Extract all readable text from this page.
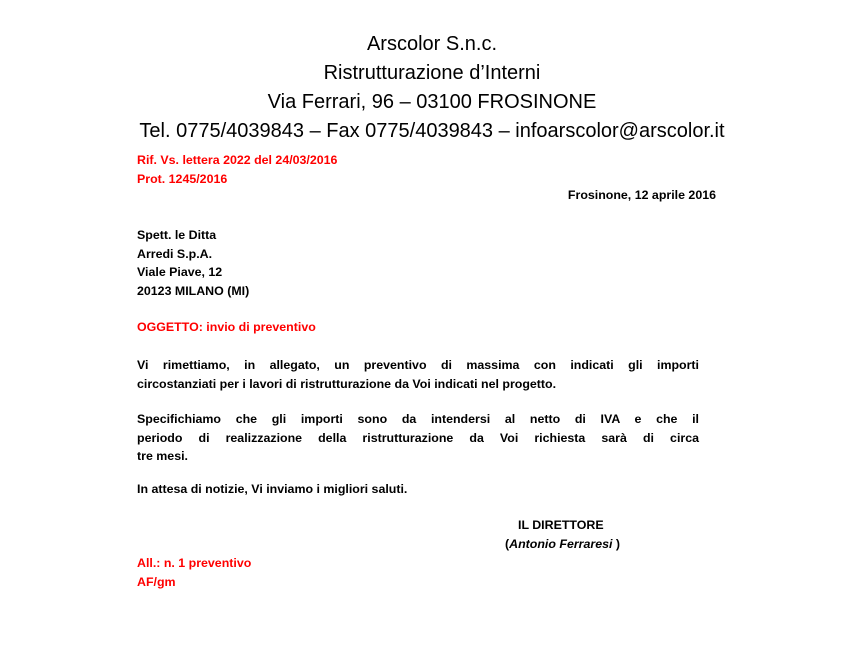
Arscolor S.n.c.
Ristrutturazione d’Interni
Via Ferrari, 96 – 03100 FROSINONE
Tel. 0775/4039843 – Fax 0775/4039843 – infoarscolor@arscolor.it
Rif. Vs. lettera 2022 del 24/03/2016
Prot. 1245/2016
Frosinone, 12 aprile 2016
Spett. le Ditta
Arredi S.p.A.
Viale Piave, 12
20123 MILANO (MI)
OGGETTO: invio di preventivo
Vi rimettiamo, in allegato, un preventivo di massima con indicati gli importi
circostanziati per i lavori di ristrutturazione da Voi indicati nel progetto.
Specifichiamo che gli importi sono da intendersi al netto di IVA e che il
periodo di realizzazione della ristrutturazione da Voi richiesta sarà di circa
tre mesi.
In attesa di notizie, Vi inviamo i migliori saluti.
IL DIRETTORE
(Antonio Ferraresi )
All.: n. 1 preventivo
AF/gm
